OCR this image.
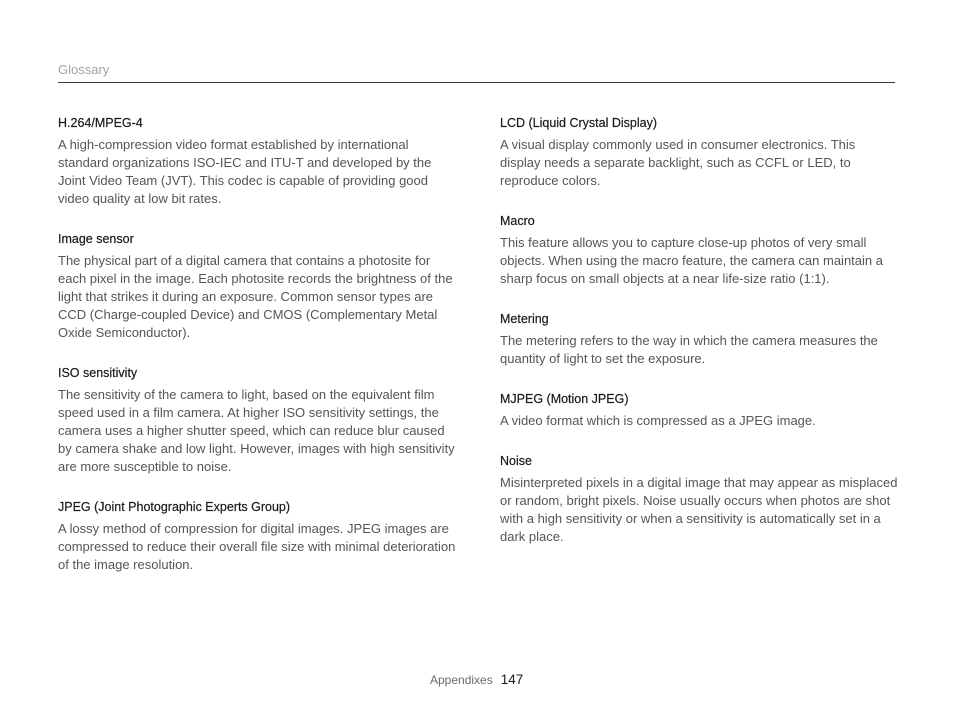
Glossary
H.264/MPEG-4

A high-compression video format established by international standard organizations ISO-IEC and ITU-T and developed by the Joint Video Team (JVT). This codec is capable of providing good video quality at low bit rates.

Image sensor

The physical part of a digital camera that contains a photosite for each pixel in the image. Each photosite records the brightness of the light that strikes it during an exposure. Common sensor types are CCD (Charge-coupled Device) and CMOS (Complementary Metal Oxide Semiconductor).

ISO sensitivity

The sensitivity of the camera to light, based on the equivalent film speed used in a film camera. At higher ISO sensitivity settings, the camera uses a higher shutter speed, which can reduce blur caused by camera shake and low light. However, images with high sensitivity are more susceptible to noise.

JPEG (Joint Photographic Experts Group)

A lossy method of compression for digital images. JPEG images are compressed to reduce their overall file size with minimal deterioration of the image resolution.

LCD (Liquid Crystal Display)

A visual display commonly used in consumer electronics. This display needs a separate backlight, such as CCFL or LED, to reproduce colors.

Macro

This feature allows you to capture close-up photos of very small objects. When using the macro feature, the camera can maintain a sharp focus on small objects at a near life-size ratio (1:1).

Metering

The metering refers to the way in which the camera measures the quantity of light to set the exposure.

MJPEG (Motion JPEG)

A video format which is compressed as a JPEG image.

Noise

Misinterpreted pixels in a digital image that may appear as misplaced or random, bright pixels. Noise usually occurs when photos are shot with a high sensitivity or when a sensitivity is automatically set in a dark place.

Appendixes 147
